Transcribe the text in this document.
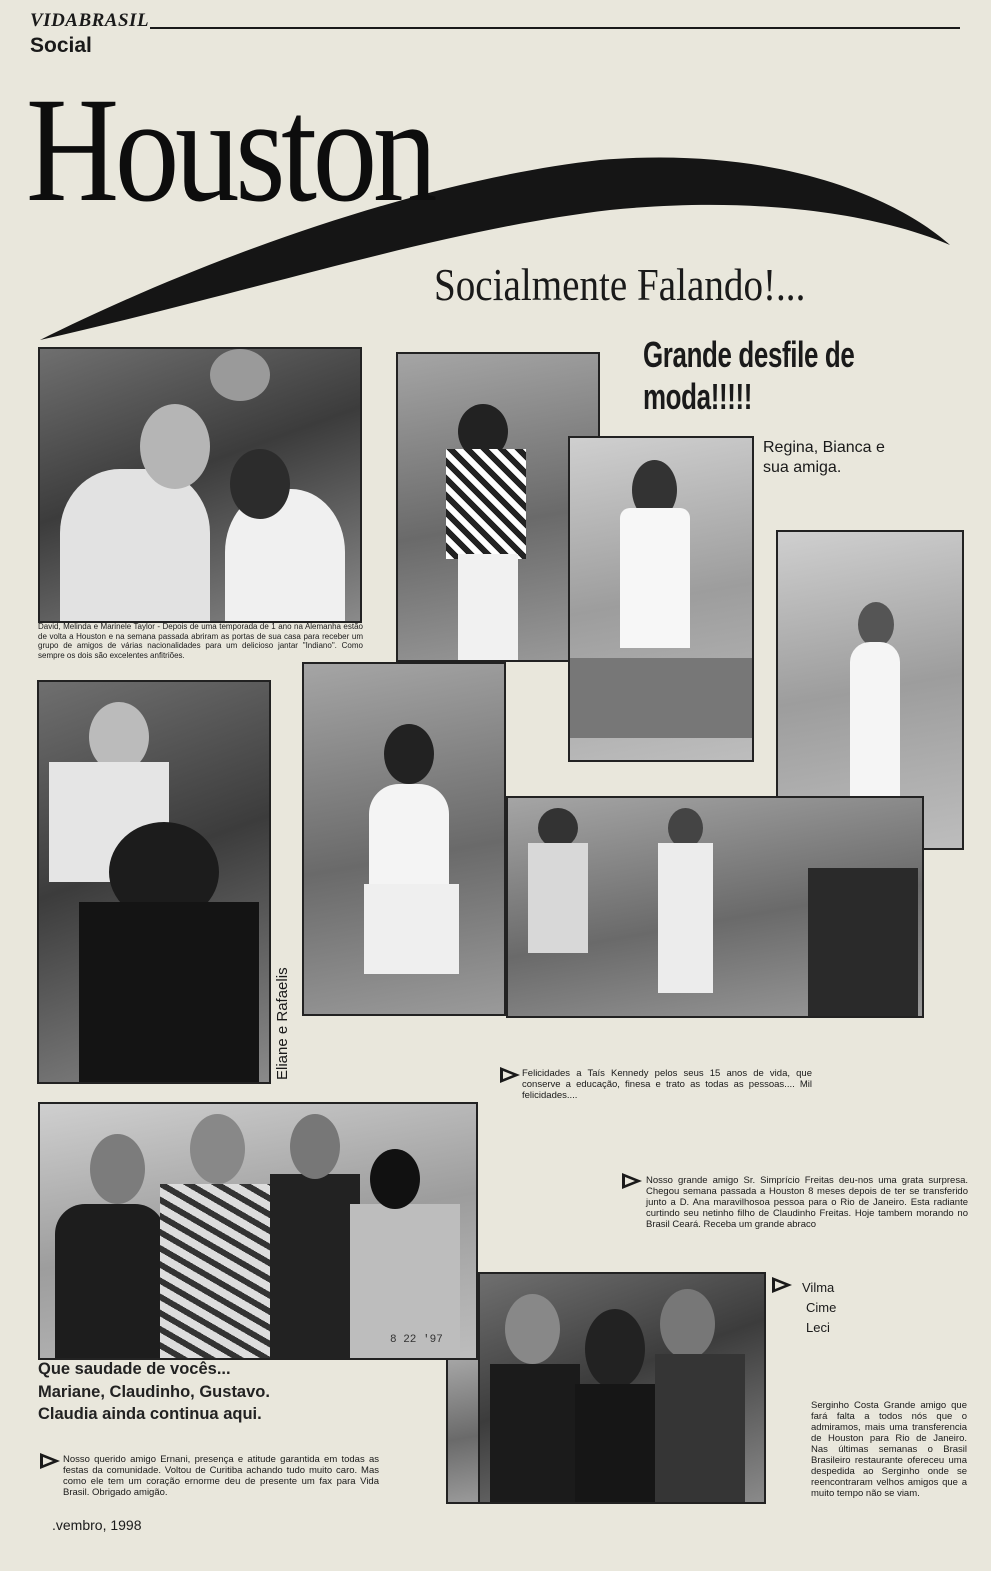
VIDABRASIL
Social
Houston
Socialmente Falando!...
Grande desfile de moda!!!!!
David, Melinda e Marinele Taylor - Depois de uma temporada de 1 ano na Alemanha estão de volta a Houston e na semana passada abriram as portas de sua casa para receber um grupo de amigos de várias nacionalidades para um delicioso jantar "Indiano". Como sempre os dois são excelentes anfitriões.
Regina, Bianca e sua amiga.
Eliane e Rafaelis	Felicidades a Taís Kennedy pelos seus 15 anos de vida, que conserve a educação, finesa e trato as todas as pessoas.... Mil felicidades....
8 22 '97
Nosso grande amigo Sr. Simprício Freitas deu-nos uma grata surpresa. Chegou semana passada a Houston 8 meses depois de ter se transferido junto a D. Ana maravilhosoa pessoa para o Rio de Janeiro. Esta radiante curtindo seu netinho filho de Claudinho Freitas. Hoje tambem morando no Brasil Ceará. Receba um grande abraco
Vilma
Cime
Leci
Que saudade de vocês...
Mariane, Claudinho, Gustavo.
Claudia ainda continua aqui.
Nosso querido amigo Ernani, presença e atitude garantida em todas as festas da comunidade. Voltou de Curitiba achando tudo muito caro. Mas como ele tem um coração ernorme deu de presente um fax para Vida Brasil. Obrigado amigão.
Serginho Costa Grande amigo que fará falta a todos nós que o admiramos, mais uma transferencia de Houston para Rio de Janeiro. Nas últimas semanas o Brasil Brasileiro restaurante ofereceu uma despedida ao Serginho onde se reencontraram velhos amigos que a muito tempo não se viam.
.vembro, 1998
